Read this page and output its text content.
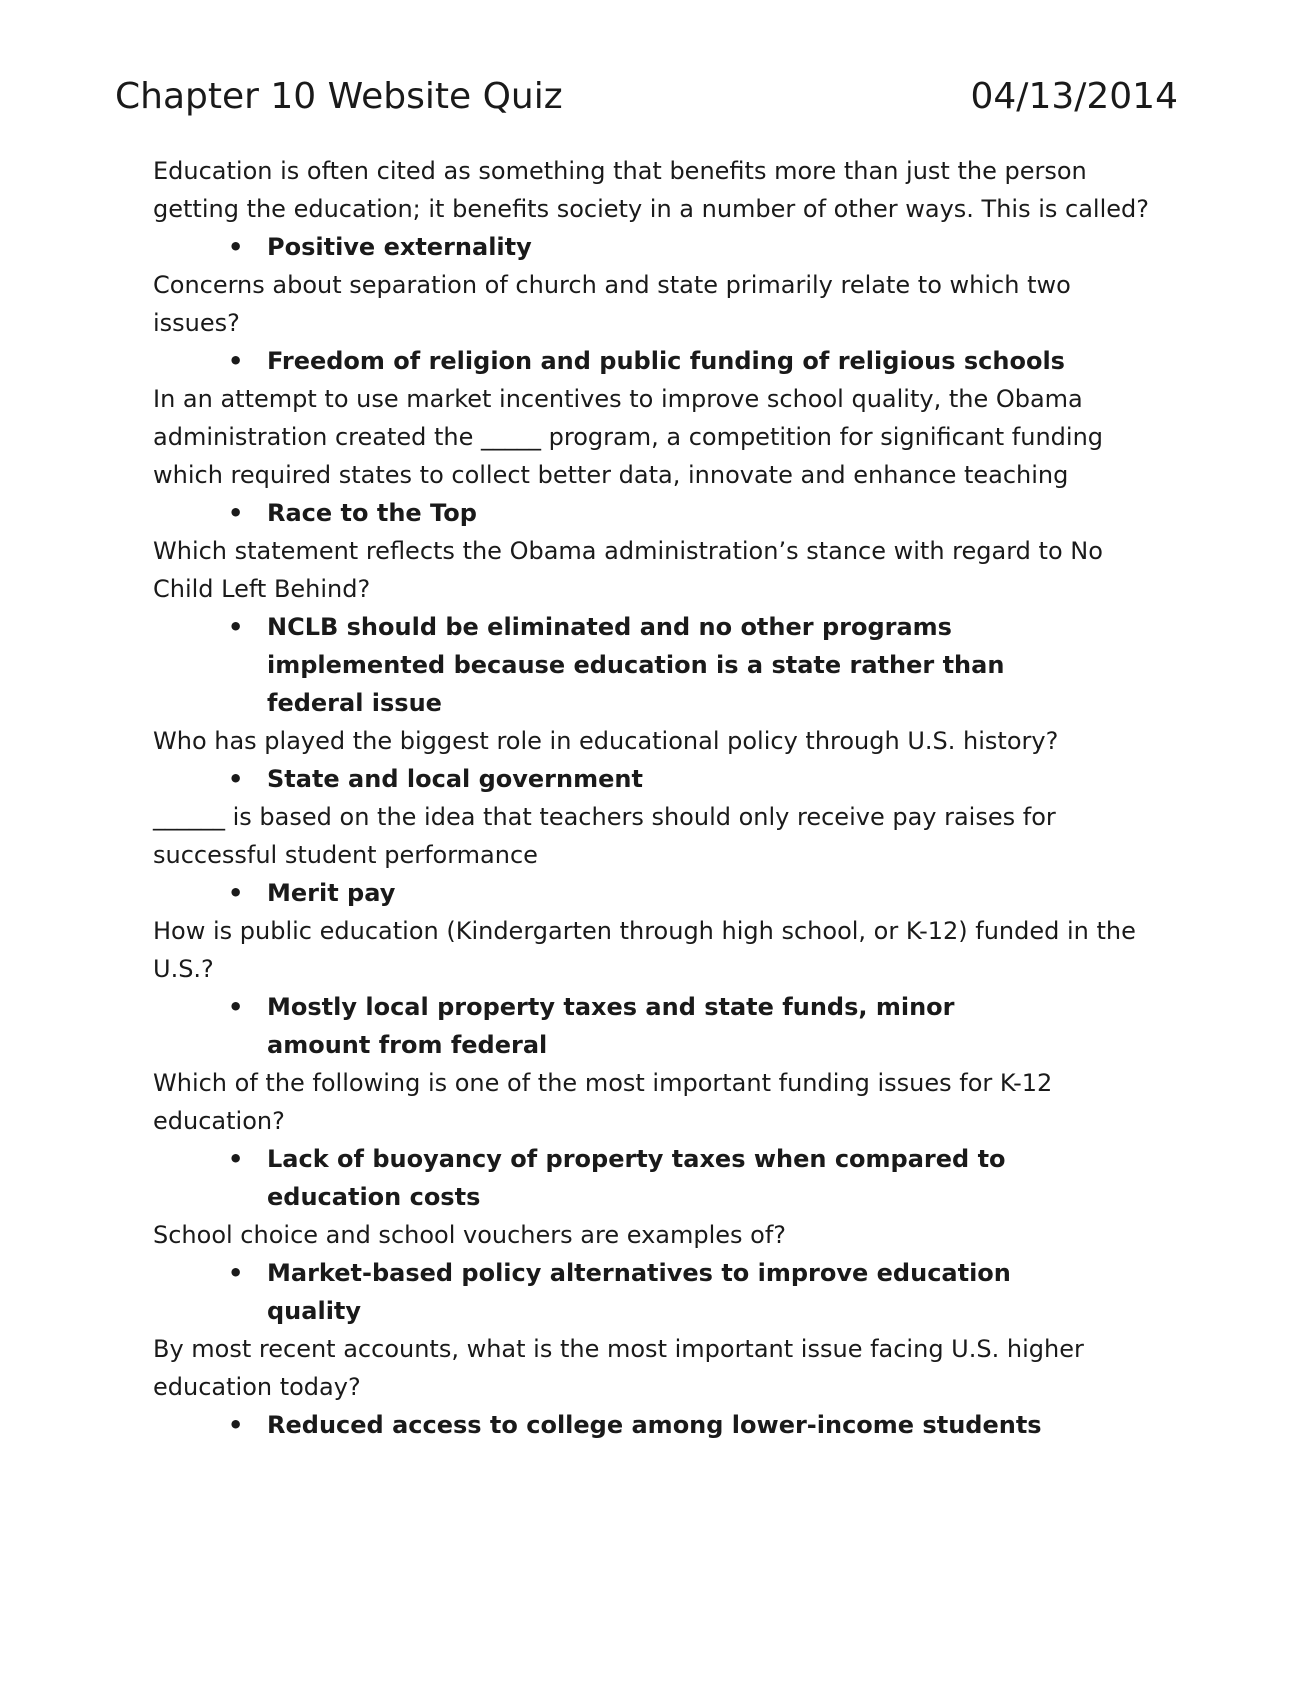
Chapter 10 Website Quiz	04/13/2014

Education is often cited as something that benefits more than just the person getting the education; it benefits society in a number of other ways. This is called?

• Positive externality

Concerns about separation of church and state primarily relate to which two issues?

• Freedom of religion and public funding of religious schools

In an attempt to use market incentives to improve school quality, the Obama administration created the _____ program, a competition for significant funding which required states to collect better data, innovate and enhance teaching

• Race to the Top

Which statement reflects the Obama administration’s stance with regard to No Child Left Behind?

• NCLB should be eliminated and no other programs implemented because education is a state rather than federal issue

Who has played the biggest role in educational policy through U.S. history?

• State and local government

______ is based on the idea that teachers should only receive pay raises for successful student performance

• Merit pay

How is public education (Kindergarten through high school, or K-12) funded in the U.S.?

• Mostly local property taxes and state funds, minor amount from federal

Which of the following is one of the most important funding issues for K-12 education?

• Lack of buoyancy of property taxes when compared to education costs

School choice and school vouchers are examples of?

• Market-based policy alternatives to improve education quality

By most recent accounts, what is the most important issue facing U.S. higher education today?

• Reduced access to college among lower-income students
